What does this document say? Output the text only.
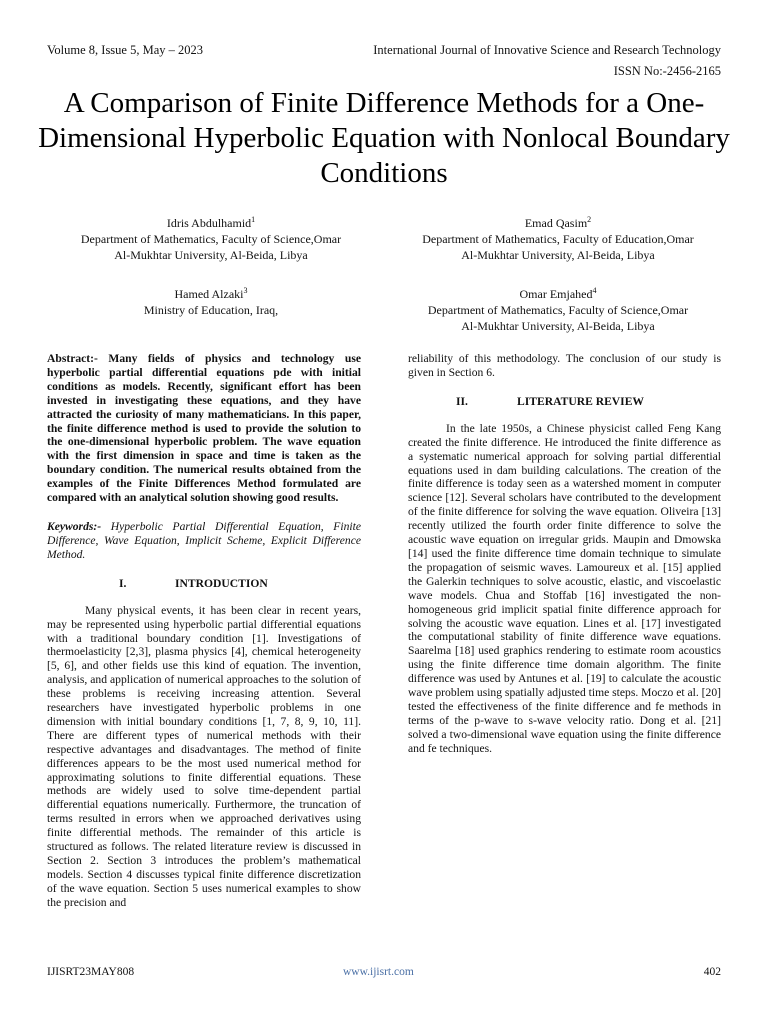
Volume 8, Issue 5, May – 2023	International Journal of Innovative Science and Research Technology
ISSN No:-2456-2165
A Comparison of Finite Difference Methods for a One-Dimensional Hyperbolic Equation with Nonlocal Boundary Conditions
Idris Abdulhamid$^1$
Department of Mathematics, Faculty of Science,Omar
Al-Mukhtar University, Al-Beida, Libya
Emad Qasim$^2$
Department of Mathematics, Faculty of Education,Omar
Al-Mukhtar University, Al-Beida, Libya
Hamed Alzaki$^3$
Ministry of Education, Iraq,
Omar Emjahed$^4$
Department of Mathematics, Faculty of Science,Omar
Al-Mukhtar University, Al-Beida, Libya
Abstract:- Many fields of physics and technology use hyperbolic partial differential equations pde with initial conditions as models. Recently, significant effort has been invested in investigating these equations, and they have attracted the curiosity of many mathematicians. In this paper, the finite difference method is used to provide the solution to the one-dimensional hyperbolic problem. The wave equation with the first dimension in space and time is taken as the boundary condition. The numerical results obtained from the examples of the Finite Differences Method formulated are compared with an analytical solution showing good results.
Keywords:- Hyperbolic Partial Differential Equation, Finite Difference, Wave Equation, Implicit Scheme, Explicit Difference Method.
I.	INTRODUCTION
Many physical events, it has been clear in recent years, may be represented using hyperbolic partial differential equations with a traditional boundary condition [1]. Investigations of thermoelasticity [2,3], plasma physics [4], chemical heterogeneity [5, 6], and other fields use this kind of equation. The invention, analysis, and application of numerical approaches to the solution of these problems is receiving increasing attention. Several researchers have investigated hyperbolic problems in one dimension with initial boundary conditions [1, 7, 8, 9, 10, 11]. There are different types of numerical methods with their respective advantages and disadvantages. The method of finite differences appears to be the most used numerical method for approximating solutions to finite differential equations. These methods are widely used to solve time-dependent partial differential equations numerically. Furthermore, the truncation of terms resulted in errors when we approached derivatives using finite differential methods. The remainder of this article is structured as follows. The related literature review is discussed in Section 2. Section 3 introduces the problem’s mathematical models. Section 4 discusses typical finite difference discretization of the wave equation. Section 5 uses numerical examples to show the precision and
reliability of this methodology. The conclusion of our study is given in Section 6.
II.	LITERATURE REVIEW
In the late 1950s, a Chinese physicist called Feng Kang created the finite difference. He introduced the finite difference as a systematic numerical approach for solving partial differential equations used in dam building calculations. The creation of the finite difference is today seen as a watershed moment in computer science [12]. Several scholars have contributed to the development of the finite difference for solving the wave equation. Oliveira [13] recently utilized the fourth order finite difference to solve the acoustic wave equation on irregular grids. Maupin and Dmowska [14] used the finite difference time domain technique to simulate the propagation of seismic waves. Lamoureux et al. [15] applied the Galerkin techniques to solve acoustic, elastic, and viscoelastic wave models. Chua and Stoffab [16] investigated the non-homogeneous grid implicit spatial finite difference approach for solving the acoustic wave equation. Lines et al. [17] investigated the computational stability of finite difference wave equations. Saarelma [18] used graphics rendering to estimate room acoustics using the finite difference time domain algorithm. The finite difference was used by Antunes et al. [19] to calculate the acoustic wave problem using spatially adjusted time steps. Moczo et al. [20] tested the effectiveness of the finite difference and fe methods in terms of the p-wave to s-wave velocity ratio. Dong et al. [21] solved a two-dimensional wave equation using the finite difference and fe techniques.
IJISRT23MAY808	www.ijisrt.com	402
